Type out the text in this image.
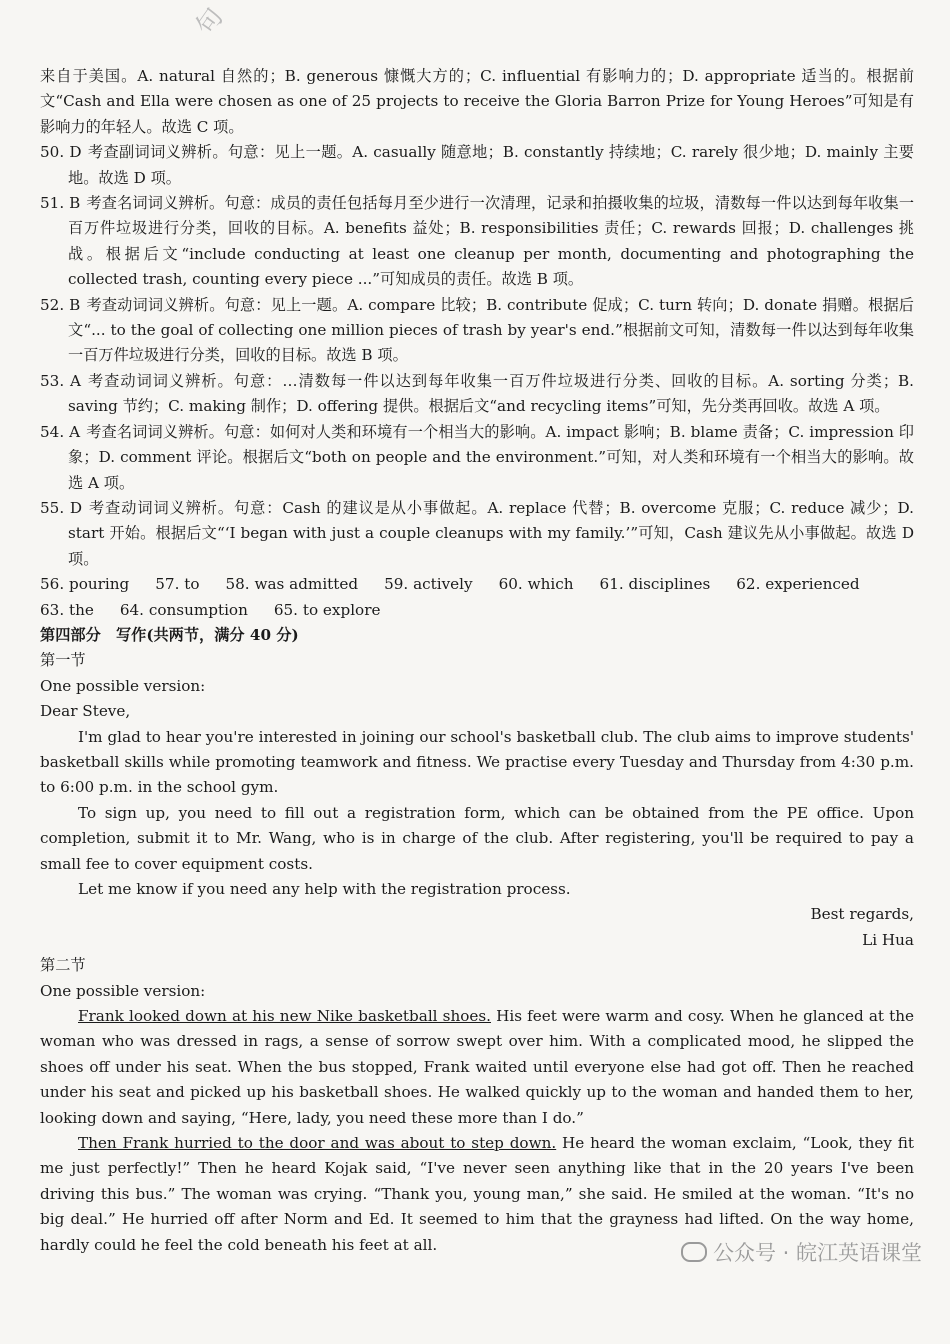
句

来自于美国。A. natural 自然的；B. generous 慷慨大方的；C. influential 有影响力的；D. appropriate 适当的。根据前文“Cash and Ella were chosen as one of 25 projects to receive the Gloria Barron Prize for Young Heroes”可知是有影响力的年轻人。故选 C 项。

50. D 考查副词词义辨析。句意：见上一题。A. casually 随意地；B. constantly 持续地；C. rarely 很少地；D. mainly 主要地。故选 D 项。
51. B 考查名词词义辨析。句意：成员的责任包括每月至少进行一次清理，记录和拍摄收集的垃圾，清数每一件以达到每年收集一百万件垃圾进行分类，回收的目标。A. benefits 益处；B. responsibilities 责任；C. rewards 回报；D. challenges 挑战。根据后文“include conducting at least one cleanup per month, documenting and photographing the collected trash, counting every piece ...”可知成员的责任。故选 B 项。
52. B 考查动词词义辨析。句意：见上一题。A. compare 比较；B. contribute 促成；C. turn 转向；D. donate 捐赠。根据后文“... to the goal of collecting one million pieces of trash by year's end.”根据前文可知，清数每一件以达到每年收集一百万件垃圾进行分类，回收的目标。故选 B 项。
53. A 考查动词词义辨析。句意：…清数每一件以达到每年收集一百万件垃圾进行分类、回收的目标。A. sorting 分类；B. saving 节约；C. making 制作；D. offering 提供。根据后文“and recycling items”可知，先分类再回收。故选 A 项。
54. A 考查名词词义辨析。句意：如何对人类和环境有一个相当大的影响。A. impact 影响；B. blame 责备；C. impression 印象；D. comment 评论。根据后文“both on people and the environment.”可知，对人类和环境有一个相当大的影响。故选 A 项。
55. D 考查动词词义辨析。句意：Cash 的建议是从小事做起。A. replace 代替；B. overcome 克服；C. reduce 减少；D. start 开始。根据后文“‘I began with just a couple cleanups with my family.’”可知，Cash 建议先从小事做起。故选 D 项。
56. pouring 57. to 58. was admitted 59. actively 60. which 61. disciplines 62. experienced
63. the 64. consumption 65. to explore

第四部分　写作(共两节，满分 40 分)

第一节

One possible version:

Dear Steve,

I'm glad to hear you're interested in joining our school's basketball club. The club aims to improve students' basketball skills while promoting teamwork and fitness. We practise every Tuesday and Thursday from 4:30 p.m. to 6:00 p.m. in the school gym.

To sign up, you need to fill out a registration form, which can be obtained from the PE office. Upon completion, submit it to Mr. Wang, who is in charge of the club. After registering, you'll be required to pay a small fee to cover equipment costs.

Let me know if you need any help with the registration process.

Best regards,

Li Hua

第二节

One possible version:

Frank looked down at his new Nike basketball shoes. His feet were warm and cosy. When he glanced at the woman who was dressed in rags, a sense of sorrow swept over him. With a complicated mood, he slipped the shoes off under his seat. When the bus stopped, Frank waited until everyone else had got off. Then he reached under his seat and picked up his basketball shoes. He walked quickly up to the woman and handed them to her, looking down and saying, “Here, lady, you need these more than I do.”

Then Frank hurried to the door and was about to step down. He heard the woman exclaim, “Look, they fit me just perfectly!” Then he heard Kojak said, “I've never seen anything like that in the 20 years I've been driving this bus.” The woman was crying. “Thank you, young man,” she said. He smiled at the woman. “It's no big deal.” He hurried off after Norm and Ed. It seemed to him that the grayness had lifted. On the way home, hardly could he feel the cold beneath his feet at all.	公众号 · 皖江英语课堂
